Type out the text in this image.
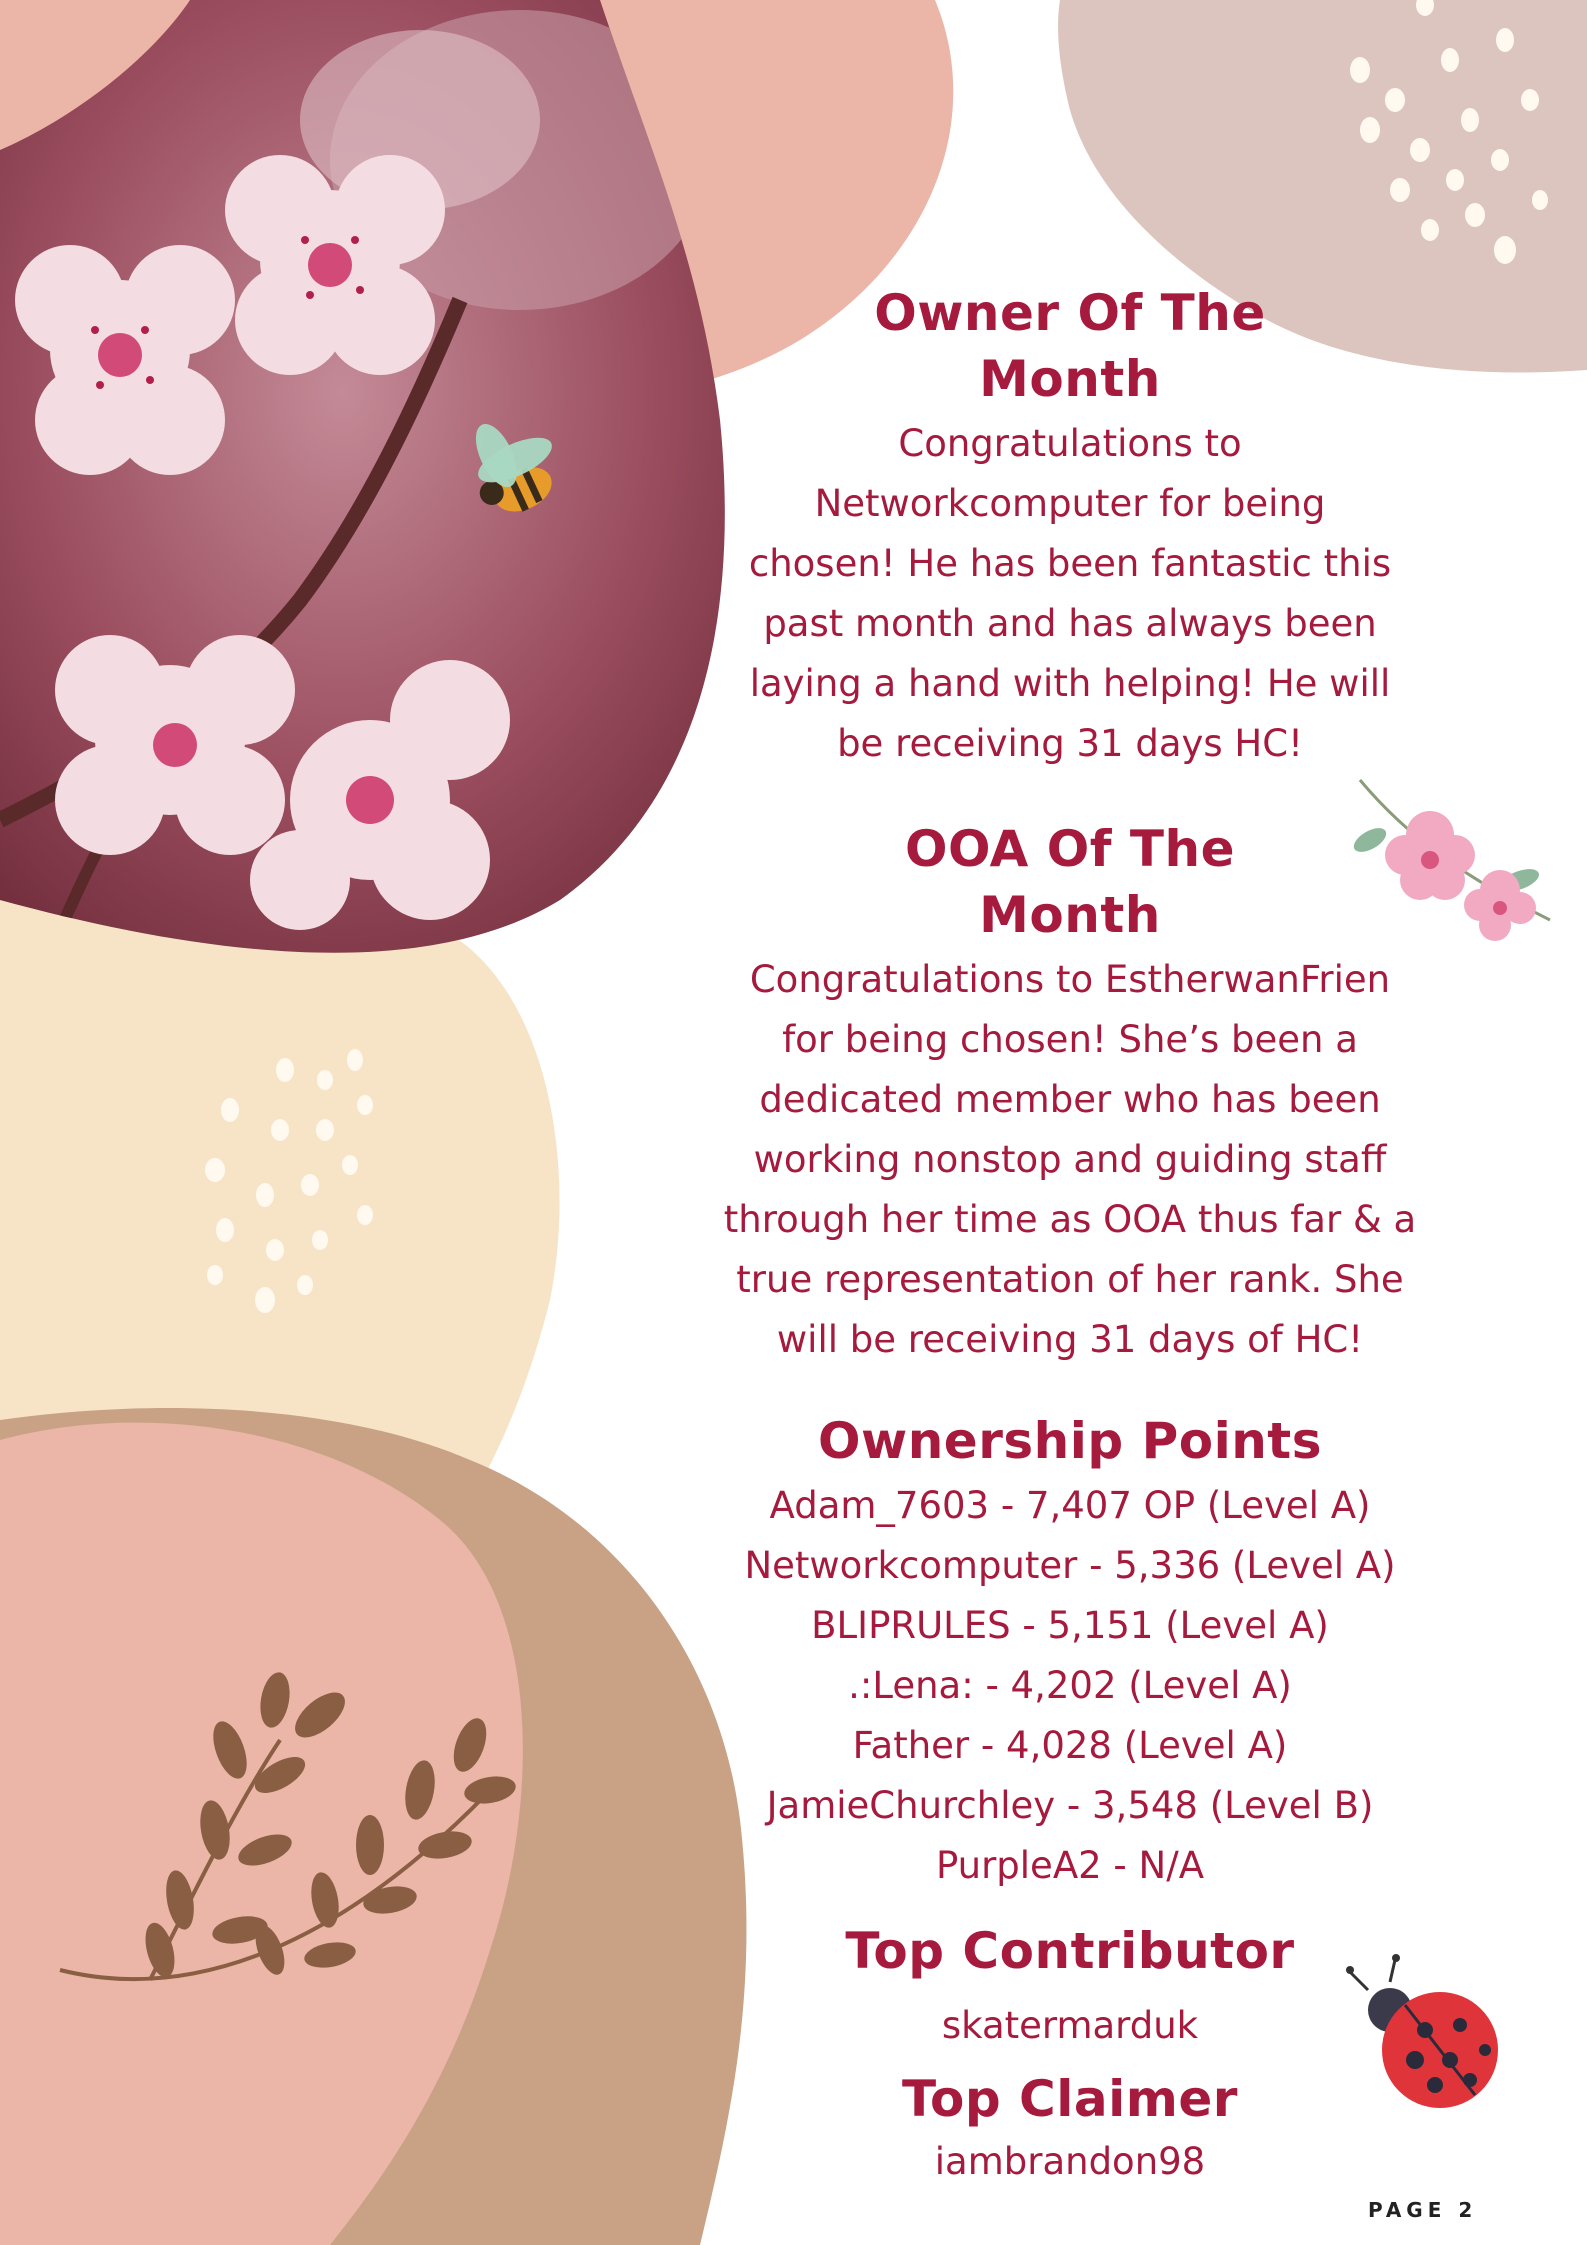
Owner Of The
Month

Congratulations to
Networkcomputer for being
chosen! He has been fantastic this
past month and has always been
laying a hand with helping! He will
be receiving 31 days HC!

OOA Of The
Month

Congratulations to EstherwanFrien
for being chosen! She’s been a
dedicated member who has been
working nonstop and guiding staff
through her time as OOA thus far & a
true representation of her rank. She
will be receiving 31 days of HC!

Ownership Points
Adam_7603 - 7,407 OP (Level A)
Networkcomputer - 5,336 (Level A)
BLIPRULES - 5,151 (Level A)
.:Lena: - 4,202 (Level A)
Father - 4,028 (Level A)
JamieChurchley - 3,548 (Level B)
PurpleA2 - N/A
Top Contributor

skatermarduk

Top Claimer

iambrandon98

PAGE 2
